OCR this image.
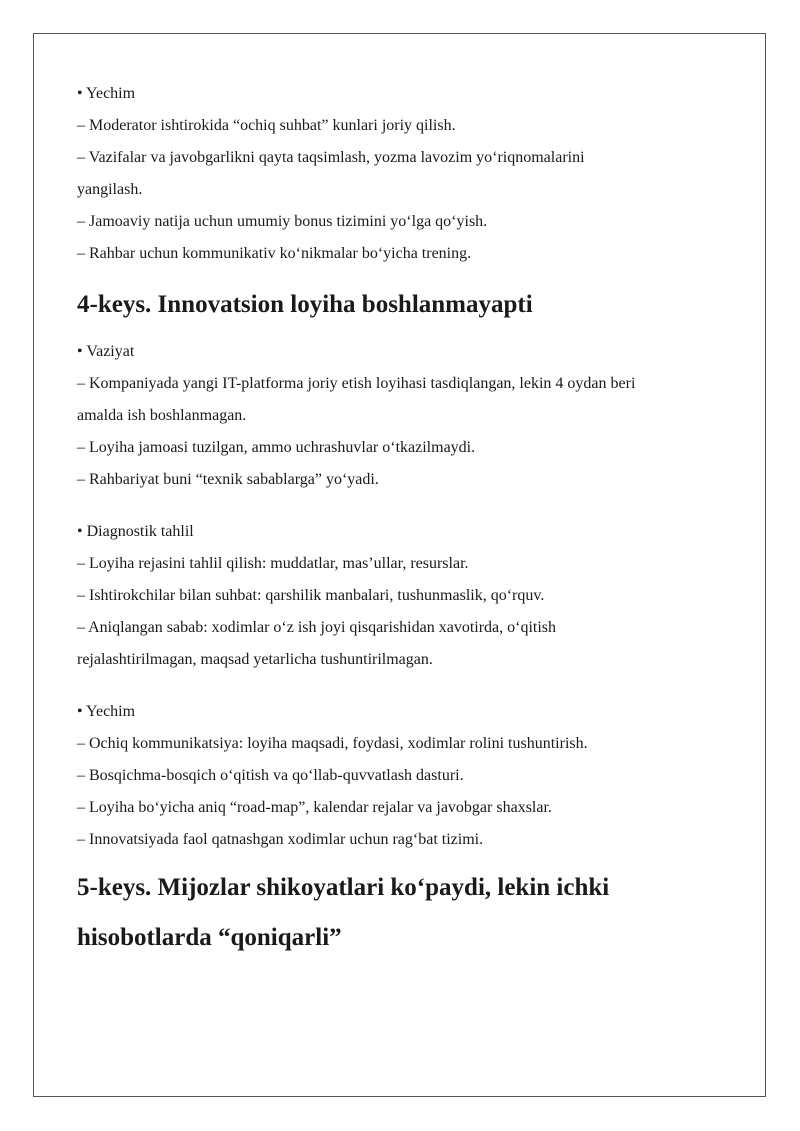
• Yechim
– Moderator ishtirokida “ochiq suhbat” kunlari joriy qilish.
– Vazifalar va javobgarlikni qayta taqsimlash, yozma lavozim yo‘riqnomalarini
yangilash.
– Jamoaviy natija uchun umumiy bonus tizimini yo‘lga qo‘yish.
– Rahbar uchun kommunikativ ko‘nikmalar bo‘yicha trening.
4-keys. Innovatsion loyiha boshlanmayapti
• Vaziyat
– Kompaniyada yangi IT-platforma joriy etish loyihasi tasdiqlangan, lekin 4 oydan beri
amalda ish boshlanmagan.
– Loyiha jamoasi tuzilgan, ammo uchrashuvlar o‘tkazilmaydi.
– Rahbariyat buni “texnik sabablarga” yo‘yadi.
• Diagnostik tahlil
– Loyiha rejasini tahlil qilish: muddatlar, mas’ullar, resurslar.
– Ishtirokchilar bilan suhbat: qarshilik manbalari, tushunmaslik, qo‘rquv.
– Aniqlangan sabab: xodimlar o‘z ish joyi qisqarishidan xavotirda, o‘qitish
rejalashtirilmagan, maqsad yetarlicha tushuntirilmagan.
• Yechim
– Ochiq kommunikatsiya: loyiha maqsadi, foydasi, xodimlar rolini tushuntirish.
– Bosqichma-bosqich o‘qitish va qo‘llab-quvvatlash dasturi.
– Loyiha bo‘yicha aniq “road-map”, kalendar rejalar va javobgar shaxslar.
– Innovatsiyada faol qatnashgan xodimlar uchun rag‘bat tizimi.
5-keys. Mijozlar shikoyatlari ko‘paydi, lekin ichki
hisobotlarda “qoniqarli”
